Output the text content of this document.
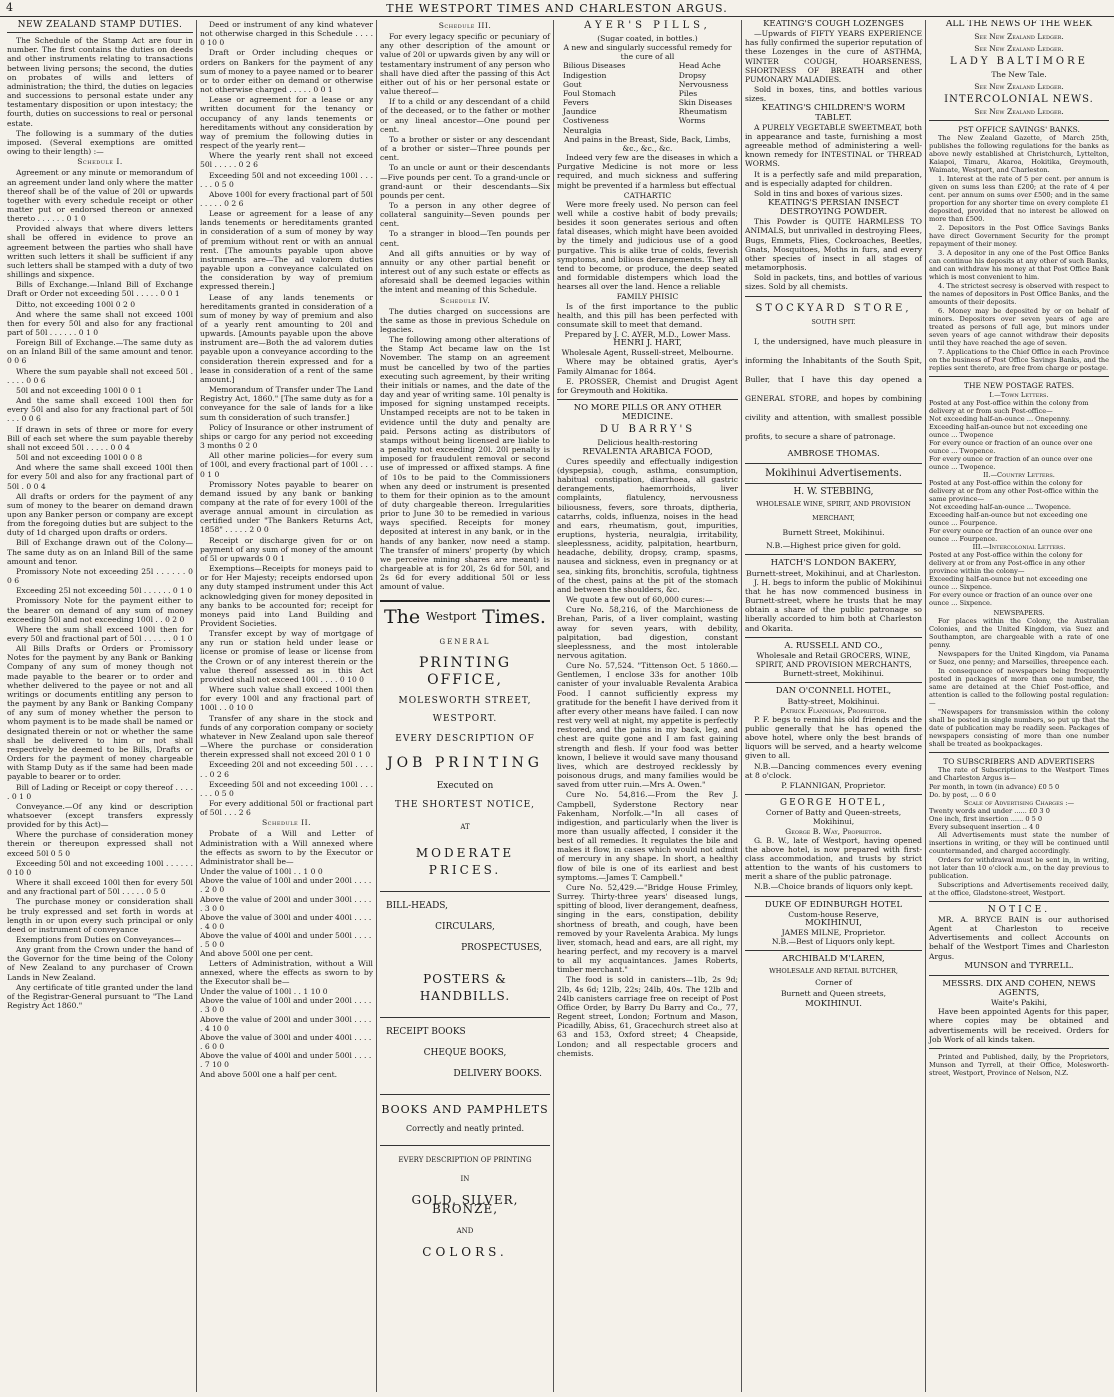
4	THE WESTPORT TIMES AND CHARLESTON ARGUS.
NEW ZEALAND STAMP DUTIES.

The Schedule of the Stamp Act are four in number. The first contains the duties on deeds and other instruments relating to transactions between living persons; the second, the duties on probates of wills and letters of administration; the third, the duties on legacies and successions to personal estate under any testamentary disposition or upon intestacy; the fourth, duties on successions to real or personal estate.

The following is a summary of the duties imposed. (Several exemptions are omitted owing to their length) :—

Schedule I.

Agreement or any minute or memorandum of an agreement under land only where the matter thereof shall be of the value of 20l or upwards together with every schedule receipt or other matter put or endorsed thereon or annexed thereto . . . . . . 0 1 0

Provided always that where divers letters shall be offered in evidence to prove an agreement between the parties who shall have written such letters it shall be sufficient if any such letters shall be stamped with a duty of two shillings and sixpence.

Bills of Exchange.—Inland Bill of Exchange Draft or Order not exceeding 50l . . . . . 0 0 1

Ditto, not exceeding 100l 0 2 0

And where the same shall not exceed 100l then for every 50l and also for any fractional part of 50l . . . . . . 0 1 0

Foreign Bill of Exchange.—The same duty as on an Inland Bill of the same amount and tenor. 0 0 6

Where the sum payable shall not exceed 50l . . . . . 0 0 6

50l and not exceeding 100l 0 0 1

And the same shall exceed 100l then for every 50l and also for any fractional part of 50l . . . 0 0 6

If drawn in sets of three or more for every Bill of each set where the sum payable thereby shall not exceed 50l . . . . . 0 0 4

50l and not exceeding 100l 0 0 8

And where the same shall exceed 100l then for every 50l and also for any fractional part of 50l . 0 0 4

All drafts or orders for the payment of any sum of money to the bearer on demand drawn upon any Banker person or company are except from the foregoing duties but are subject to the duty of 1d charged upon drafts or orders.

Bill of Exchange drawn out of the Colony—The same duty as on an Inland Bill of the same amount and tenor.

Promissory Note not exceeding 25l . . . . . . 0 0 6

Exceeding 25l not exceeding 50l . . . . . . 0 1 0

Promissory Note for the payment either to the bearer on demand of any sum of money exceeding 50l and not exceeding 100l . . 0 2 0

Where the sum shall exceed 100l then for every 50l and fractional part of 50l . . . . . . 0 1 0

All Bills Drafts or Orders or Promissory Notes for the payment by any Bank or Banking Company of any sum of money though not made payable to the bearer or to order and whether delivered to the payee or not and all writings or documents entitling any person to the payment by any Bank or Banking Company of any sum of money whether the person to whom payment is to be made shall be named or designated therein or not or whether the same shall be delivered to him or not shall respectively be deemed to be Bills, Drafts or Orders for the payment of money chargeable with Stamp Duty as if the same had been made payable to bearer or to order.

Bill of Lading or Receipt or copy thereof . . . . . 0 1 0

Conveyance.—Of any kind or description whatsoever (except transfers expressly provided for by this Act)—

Where the purchase of consideration money therein or thereupon expressed shall not exceed 50l 0 5 0

Exceeding 50l and not exceeding 100l . . . . . . 0 10 0

Where it shall exceed 100l then for every 50l and any fractional part of 50l . . . . . 0 5 0

The purchase money or consideration shall be truly expressed and set forth in words at length in or upon every such principal or only deed or instrument of conveyance

Exemptions from Duties on Conveyances—

Any grant from the Crown under the hand of the Governor for the time being of the Colony of New Zealand to any purchaser of Crown Lands in New Zealand.

Any certificate of title granted under the land of the Registrar-General pursuant to "The Land Registry Act 1860."

Deed or instrument of any kind whatever not otherwise charged in this Schedule . . . . 0 10 0

Draft or Order including cheques or orders on Bankers for the payment of any sum of money to a payee named or to bearer or to order either on demand or otherwise not otherwise charged . . . . . 0 0 1

Lease or agreement for a lease or any written document for the tenancy or occupancy of any lands tenements or hereditaments without any consideration by way of premium the following duties in respect of the yearly rent—

Where the yearly rent shall not exceed 50l . . . . . 0 2 6

Exceeding 50l and not exceeding 100l . . . . . . 0 5 0

Above 100l for every fractional part of 50l . . . . . 0 2 6

Lease or agreement for a lease of any lands tenements or hereditaments granted in consideration of a sum of money by way of premium without rent or with an annual rent. [The amounts payable upon above instruments are—The ad valorem duties payable upon a conveyance calculated on the consideration by way of premium expressed therein.]

Lease of any lands tenements or hereditaments granted in consideration of a sum of money by way of premium and also of a yearly rent amounting to 20l and upwards. [Amounts payable upon the above instrument are—Both the ad valorem duties payable upon a conveyance according to the consideration therein expressed and for a lease in consideration of a rent of the same amount.]

Memorandum of Transfer under The Land Registry Act, 1860." [The same duty as for a conveyance for the sale of lands for a like sum th consideration of such transfer.]

Policy of Insurance or other instrument of ships or cargo for any period not exceeding 3 months 0 2 0

All other marine policies—for every sum of 100l, and every fractional part of 100l . . . 0 1 0

Promissory Notes payable to bearer on demand issued by any bank or banking company at the rate of for every 100l of the average annual amount in circulation as certified under "The Bankers Returns Act, 1858" . . . . . 2 0 0

Receipt or discharge given for or on payment of any sum of money of the amount of 5l or upwards 0 0 1

Exemptions—Receipts for moneys paid to or for Her Majesty; receipts endorsed upon any duty stamped instrument under this Act acknowledging given for money deposited in any banks to be accounted for; receipt for moneys paid into Land Building and Provident Societies.

Transfer except by way of mortgage of any run or station held under lease or license or promise of lease or license from the Crown or of any interest therein or the value thereof assessed as in this Act provided shall not exceed 100l . . . . 0 10 0

Where such value shall exceed 100l then for every 100l and any fractional part of 100l . . 0 10 0

Transfer of any share in the stock and funds of any corporation company or society whatever in New Zealand upon sale thereof—Where the purchase or consideration therein expressed shall not exceed 20l 0 1 0

Exceeding 20l and not exceeding 50l . . . . . . 0 2 6

Exceeding 50l and not exceeding 100l . . . . . . 0 5 0

For every additional 50l or fractional part of 50l . . . 2 6

Schedule II.

Probate of a Will and Letter of Administration with a Will annexed where the effects as sworn to by the Executor or Administrator shall be—

Under the value of 100l . . 1 0 0
Above the value of 100l and under 200l . . . . . 2 0 0
Above the value of 200l and under 300l . . . . . 3 0 0
Above the value of 300l and under 400l . . . . . 4 0 0
Above the value of 400l and under 500l . . . . . 5 0 0
And above 500l one per cent.

Letters of Administration, without a Will annexed, where the effects as sworn to by the Executor shall be—

Under the value of 100l . . 1 10 0
Above the value of 100l and under 200l . . . . . 3 0 0
Above the value of 200l and under 300l . . . . . 4 10 0
Above the value of 300l and under 400l . . . . . 6 0 0
Above the value of 400l and under 500l . . . . . 7 10 0
And above 500l one a half per cent.
Schedule III.

For every legacy specific or pecuniary of any other description of the amount or value of 20l or upwards given by any will or testamentary instrument of any person who shall have died after the passing of this Act either out of his or her personal estate or value thereof—

If to a child or any descendant of a child of the deceased, or to the father or mother or any lineal ancestor—One pound per cent.

To a brother or sister or any descendant of a brother or sister—Three pounds per cent.

To an uncle or aunt or their descendants—Five pounds per cent. To a grand-uncle or grand-aunt or their descendants—Six pounds per cent.

To a person in any other degree of collateral sanguinity—Seven pounds per cent.

To a stranger in blood—Ten pounds per cent.

And all gifts annuities or by way of annuity or any other partial benefit or interest out of any such estate or effects as aforesaid shall be deemed legacies within the intent and meaning of this Schedule.

Schedule IV.

The duties charged on successions are the same as those in previous Schedule on legacies.

The following among other alterations of the Stamp Act became law on the 1st November. The stamp on an agreement must be cancelled by two of the parties executing such agreement, by their writing their initials or names, and the date of the day and year of writing same. 10l penalty is imposed for signing unstamped receipts. Unstamped receipts are not to be taken in evidence until the duty and penalty are paid. Persons acting as distributors of stamps without being licensed are liable to a penalty not exceeding 20l. 20l penalty is imposed for fraudulent removal or second use of impressed or affixed stamps. A fine of 10s to be paid to the Commissioners when any deed or instrument is presented to them for their opinion as to the amount of duty chargeable thereon. Irregularities prior to June 30 to be remedied in various ways specified. Receipts for money deposited at interest in any bank, or in the hands of any banker, now need a stamp. The transfer of miners' property (by which we perceive mining shares are meant) is chargeable at is for 20l, 2s 6d for 50l, and 2s 6d for every additional 50l or less amount of value.

The Westport Times.
GENERAL
PRINTING OFFICE,
MOLESWORTH STREET,
WESTPORT.
EVERY DESCRIPTION OF
JOB PRINTING
Executed on
THE SHORTEST NOTICE,
AT
MODERATE PRICES.
BILL-HEADS,
CIRCULARS,
PROSPECTUSES,
POSTERS & HANDBILLS.
RECEIPT BOOKS
CHEQUE BOOKS,
DELIVERY BOOKS.
BOOKS AND PAMPHLETS
Correctly and neatly printed.
EVERY DESCRIPTION OF PRINTING
IN
GOLD, SILVER, BRONZE,
AND
COLORS.
AYER'S PILLS,
(Sugar coated, in bottles.)
A new and singularly successful remedy for the cure of all
Bilious Diseases
Indigestion
Gout
Foul Stomach
Fevers
Jaundice
Costiveness
Neuralgia
Head Ache
Dropsy
Nervousness
Piles
Skin Diseases
Rheumatism
Worms
And pains in the Breast, Side, Back, Limbs, &c., &c., &c.

Indeed very few are the diseases in which a Purgative Medicine is not more or less required, and much sickness and suffering might be prevented if a harmless but effectual

CATHARTIC

Were more freely used. No person can feel well while a costive habit of body prevails; besides it soon generates serious and often fatal diseases, which might have been avoided by the timely and judicious use of a good purgative. This is alike true of colds, feverish symptoms, and bilious derangements. They all tend to become, or produce, the deep seated and formidable distempers which load the hearses all over the land. Hence a reliable

FAMILY PHISIC

Is of the first importance to the public health, and this pill has been perfected with consumate skill to meet that demand.

Prepared by J. C. AYER, M.D., Lower Mass.
HENRI J. HART,
Wholesale Agent, Russell-street, Melbourne.

Where may be obtained gratis, Ayer's Family Almanac for 1864.

E. PROSSER, Chemist and Drugist Agent for Greymouth and Hokitika.

NO MORE PILLS OR ANY OTHER MEDICINE.
DU BARRY'S
Delicious health-restoring
REVALENTA ARABICA FOOD,

Cures speedily and effectually indigestion (dyspepsia), cough, asthma, consumption, habitual constipation, diarrhoea, all gastric derangements, haemorrhoids, liver complaints, flatulency, nervousness biliousness, fevers, sore throats, diptheria, catarrhs, colds, influenza, noises in the head and ears, rheumatism, gout, impurities, eruptions, hysteria, neuralgia, irritability, sleeplessness, acidity, palpitation, heartburn, headache, debility, dropsy, cramp, spasms, nausea and sickness, even in pregnancy or at sea, sinking fits, bronchitis, scrofula, tightness of the chest, pains at the pit of the stomach and between the shoulders, &c.

We quote a few out of 60,000 cures:—

Cure No. 58,216, of the Marchioness de Brehan, Paris, of a liver complaint, wasting away for seven years, with debility, palpitation, bad digestion, constant sleeplessness, and the most intolerable nervous agitation.

Cure No. 57,524. "Tittenson Oct. 5 1860.—Gentlemen, I enclose 33s for another 10lb canister of your invaluable Revalenta Arabica Food. I cannot sufficiently express my gratitude for the benefit I have derived from it after every other means have failed. I can now rest very well at night, my appetite is perfectly restored, and the pains in my back, leg, and chest are quite gone and I am fast gaining strength and flesh. If your food was better known, I believe it would save many thousand lives, which are destroyed recklessly by poisonous drugs, and many families would be saved from utter ruin.—Mrs A. Owen."

Cure No. 54,816.—From the Rev J. Campbell, Syderstone Rectory near Fakenham, Norfolk.—"In all cases of indigestion, and particularly when the liver is more than usually affected, I consider it the best of all remedies. It regulates the bile and makes it flow, in cases which would not admit of mercury in any shape. In short, a healthy flow of bile is one of its earliest and best symptoms.—James T. Campbell."

Cure No. 52,429.—"Bridge House Frimley, Surrey. Thirty-three years' diseased lungs, spitting of blood, liver derangement, deafness, singing in the ears, constipation, debility shortness of breath, and cough, have been removed by your Ravelenta Arabica. My lungs liver, stomach, head and ears, are all right, my hearing perfect, and my recovery is a marvel to all my acquaintances. James Roberts, timber merchant."

The food is sold in canisters—1lb, 2s 9d; 2lb, 4s 6d; 12lb, 22s; 24lb, 40s. The 12lb and 24lb canisters carriage free on receipt of Post Office Order, by Barry Du Barry and Co., 77, Regent street, London; Fortnum and Mason, Picadilly, Abiss, 61, Gracechurch street also at 63 and 153, Oxford street; 4 Cheapside, London; and all respectable grocers and chemists.

KEATING'S COUGH LOZENGES

—Upwards of FIFTY YEARS EXPERIENCE has fully confirmed the superior reputation of these Lozenges in the cure of ASTHMA, WINTER COUGH, HOARSENESS, SHORTNESS OF BREATH and other PUMONARY MALADIES.

Sold in boxes, tins, and bottles various sizes.

KEATING'S CHILDREN'S WORM TABLET.

A PURELY VEGETABLE SWEETMEAT, both in appearance and taste, furnishing a most agreeable method of administering a well-known remedy for INTESTINAL or THREAD WORMS.

It is a perfectly safe and mild preparation, and is especially adapted for children.

Sold in tins and boxes of various sizes.

KEATING'S PERSIAN INSECT DESTROYING POWDER.

This Powder is QUITE HARMLESS TO ANIMALS, but unrivalled in destroying Flees, Bugs, Emmets, Flies, Cockroaches, Beetles, Gnats, Mosquitoes, Moths in furs, and every other species of insect in all stages of metamorphosis.

Sold in packets, tins, and bottles of various sizes. Sold by all chemists.

STOCKYARD STORE,
SOUTH SPIT.

I, the undersigned, have much pleasure in informing the Inhabitants of the South Spit, Buller, that I have this day opened a GENERAL STORE, and hopes by combining civility and attention, with smallest possible profits, to secure a share of patronage.

AMBROSE THOMAS.
Mokihinui Advertisements.
H. W. STEBBING,
WHOLESALE WINE, SPIRIT, AND PROVISION MERCHANT,
Burnett Street, Mokihinui.
N.B.—Highest price given for gold.
HATCH'S LONDON BAKERY,
Burnett-street, Mokihinui, and at Charleston.

J. H. begs to inform the public of Mokihinui that he has now commenced business in Burnett-street, where he trusts that he may obtain a share of the public patronage so liberally accorded to him both at Charleston and Okarita.

A. RUSSELL AND CO.,
Wholesale and Retail GROCERS, WINE, SPIRIT, AND PROVISION MERCHANTS,
Burnett-street, Mokihinui.
DAN O'CONNELL HOTEL,
Batty-street, Mokihinui.
Patrick Flannigan, Proprietor.

P. F. begs to remind his old friends and the public generally that he has opened the above hotel, where only the best brands of liquors will be served, and a hearty welcome given to all.

N.B.—Dancing commences every evening at 8 o'clock.

P. FLANNIGAN, Proprietor.
GEORGE HOTEL,
Corner of Batty and Queen-streets, Mokihinui,
George B. Way, Proprietor.

G. B. W., late of Westport, having opened the above hotel, is now prepared with first-class accommodation, and trusts by strict attention to the wants of his customers to merit a share of the public patronage.

N.B.—Choice brands of liquors only kept.

DUKE OF EDINBURGH HOTEL
Custom-house Reserve,
MOKIHINUI,
JAMES MILNE, Proprietor.
N.B.—Best of Liquors only kept.
ARCHIBALD M'LAREN,
WHOLESALE AND RETAIL BUTCHER,
Corner of
Burnett and Queen streets,
MOKIHINUI.
ALL THE NEWS OF THE WEEK
See New Zealand Ledger.
See New Zealand Ledger.
LADY BALTIMORE
The New Tale.
See New Zealand Ledger.
INTERCOLONIAL NEWS.
See New Zealand Ledger.
PST OFFICE SAVINGS' BANKS.

The New Zealand Gazette, of March 25th, publishes the following regulations for the banks as above newly established at Christchurch, Lyttelton, Kaiapoi, Timaru, Akaroa, Hokitika, Greymouth, Waimate, Westport, and Charleston.

1. Interest at the rate of 5 per cent. per annum is given on sums less than £200; at the rate of 4 per cent. per annum on sums over £500; and in the same proportion for any shorter time on every complete £1 deposited, provided that no interest be allowed on more than £500.

2. Depositors in the Post Office Savings Banks have direct Government Security for the prompt repayment of their money.

3. A depositor in any one of the Post Office Banks can continue his deposits at any other of such Banks, and can withdraw his money at that Post Office Bank which is most convenient to him.

4. The strictest secresy is observed with respect to the names of depositors in Post Office Banks, and the amounts of their deposits.

6. Money may be deposited by or on behalf of minors. Depositors over seven years of age are treated as persons of full age, but minors under seven years of age cannot withdraw their deposits until they have reached the age of seven.

7. Applications to the Chief Office in each Province on the business of Post Office Savings Banks, and the replies sent thereto, are free from charge or postage.

THE NEW POSTAGE RATES.
I.—Town Letters.
Posted at any Post-office within the colony from delivery at or from such Post-office—
Not exceeding half-an-ounce ... Onepenny.
Exceeding half-an-ounce but not exceeding one ounce ... Twopence
For every ounce or fraction of an ounce over one ounce ... Twopence.
For every ounce or fraction of an ounce over one ounce ... Twopence.
II.—Country Letters.
Posted at any Post-office within the colony for delivery at or from any other Post-office within the same province—
Not exceeding half-an-ounce ... Twopence.
Exceeding half-an-ounce but not exceeding one ounce ... Fourpence.
For every ounce or fraction of an ounce over one ounce ... Fourpence.
III.—Intercolonial Letters.
Posted at any Post-office within the colony for delivery at or from any Post-office in any other province within the colony—
Exceeding half-an-ounce but not exceeding one ounce ... Sixpence.
For every ounce or fraction of an ounce over one ounce ... Sixpence.
NEWSPAPERS.

For places within the Colony, the Australian Colonies, and the United Kingdom, via Suez and Southampton, are chargeable with a rate of one penny.

Newspapers for the United Kingdom, via Panama or Suez, one penny; and Marseilles, threepence each.

In consequence of newspapers being frequently posted in packages of more than one number, the same are detained at the Chief Post-office, and attention is called to the following postal regulation:—

"Newspapers for transmission within the colony shall be posted in single numbers, so put up that the date of publication may be readily seen. Packages of newspapers consisting of more than one number shall be treated as bookpackages.

TO SUBSCRIBERS AND ADVERTISERS

The rate of Subscriptions to the Westport Times and Charleston Argus is—

Per month, in town (in advance) £0 5 0
Do. by post, ... 0 6 0
Scale of Advertising Charges :—
Twenty words and under ...... £0 3 0
One inch, first insertion ...... 0 5 0
Every subsequent insertion .. 4 0

All Advertisements must state the number of insertions in writing, or they will be continued until countermanded, and charged accordingly.

Orders for withdrawal must be sent in, in writing, not later than 10 o'clock a.m., on the day previous to publication.

Subscriptions and Advertisements received daily, at the office, Gladstone-street, Westport.

NOTICE.

MR. A. BRYCE BAIN is our authorised Agent at Charleston to receive Advertisements and collect Accounts on behalf of the Westport Times and Charleston Argus.

MUNSON and TYRRELL.
MESSRS. DIX AND COHEN, NEWS AGENTS,
Waite's Pakihi,

Have been appointed Agents for this paper, where copies may be obtained and advertisements will be received. Orders for Job Work of all kinds taken.

Printed and Published, daily, by the Proprietors, Munson and Tyrrell, at their Office, Molesworth-street, Westport, Province of Nelson, N.Z.
